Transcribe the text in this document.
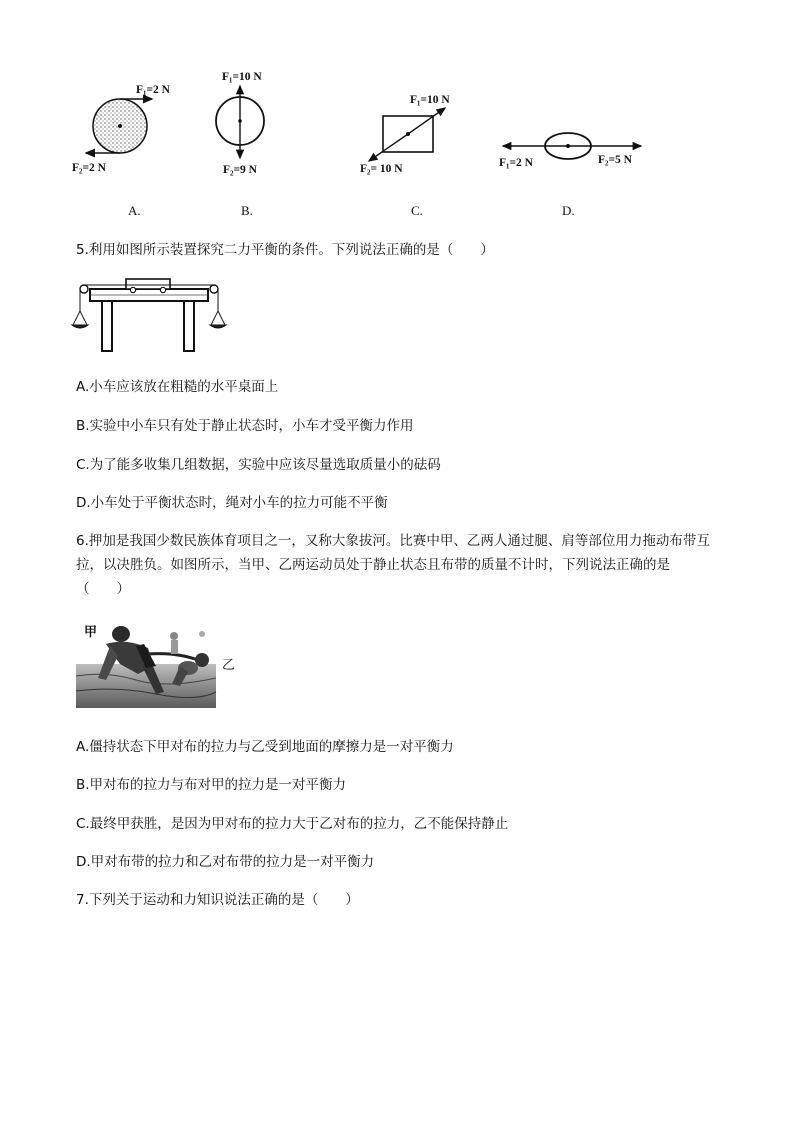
F₁=2 N
F₂=2 N
A.
F₁=10 N
F₂=9 N
B.
F₁=10 N
F₂= 10 N
C.
F₁=2 N	F₂=5 N
D.
5.利用如图所示装置探究二力平衡的条件。下列说法正确的是（　　）
A.小车应该放在粗糙的水平桌面上
B.实验中小车只有处于静止状态时，小车才受平衡力作用
C.为了能多收集几组数据，实验中应该尽量选取质量小的砝码
D.小车处于平衡状态时，绳对小车的拉力可能不平衡
6.押加是我国少数民族体育项目之一，又称大象拔河。比赛中甲、乙两人通过腿、肩等部位用力拖动布带互拉，以决胜负。如图所示，当甲、乙两运动员处于静止状态且布带的质量不计时，下列说法正确的是（　　）
甲
乙
A.僵持状态下甲对布的拉力与乙受到地面的摩擦力是一对平衡力
B.甲对布的拉力与布对甲的拉力是一对平衡力
C.最终甲获胜，是因为甲对布的拉力大于乙对布的拉力，乙不能保持静止
D.甲对布带的拉力和乙对布带的拉力是一对平衡力
7.下列关于运动和力知识说法正确的是（　　）
